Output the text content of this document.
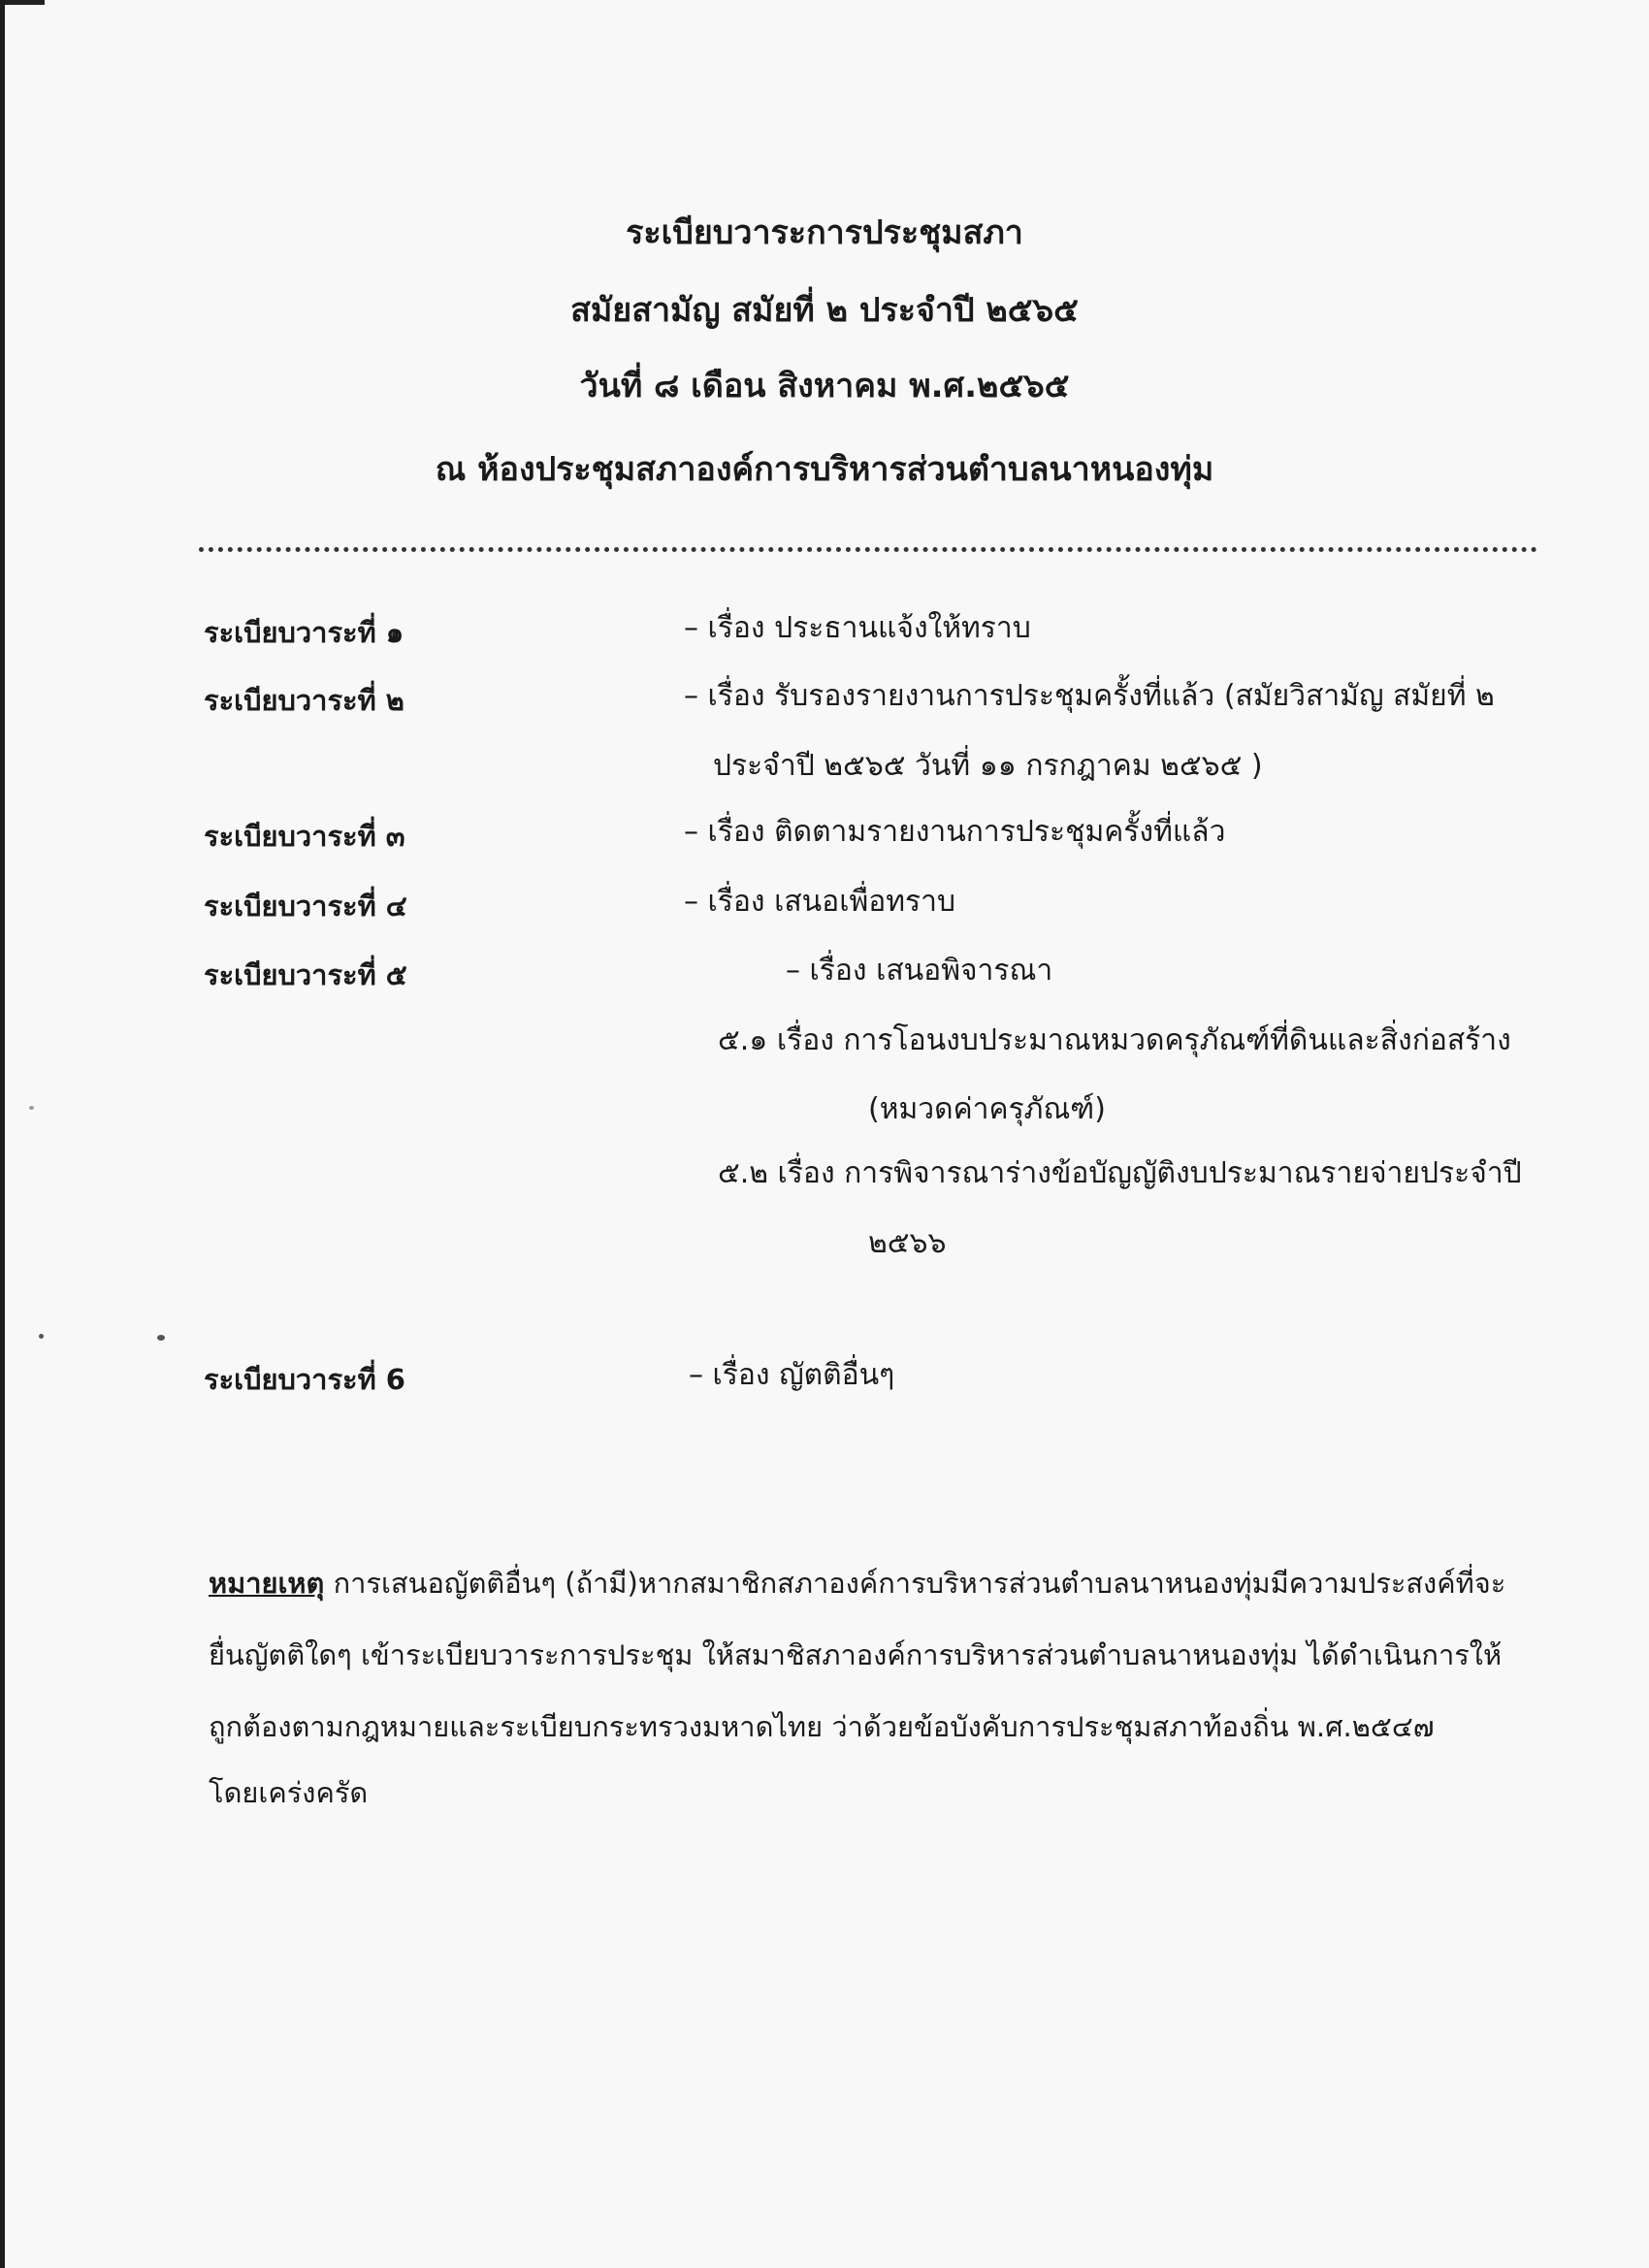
ระเบียบวาระการประชุมสภา
สมัยสามัญ สมัยที่ ๒ ประจำปี ๒๕๖๕
วันที่ ๘ เดือน สิงหาคม พ.ศ.๒๕๖๕
ณ ห้องประชุมสภาองค์การบริหารส่วนตำบลนาหนองทุ่ม
ระเบียบวาระที่ ๑	– เรื่อง ประธานแจ้งให้ทราบ
ระเบียบวาระที่ ๒	– เรื่อง รับรองรายงานการประชุมครั้งที่แล้ว (สมัยวิสามัญ สมัยที่ ๒
ประจำปี ๒๕๖๕ วันที่ ๑๑ กรกฎาคม ๒๕๖๕ )
ระเบียบวาระที่ ๓	– เรื่อง ติดตามรายงานการประชุมครั้งที่แล้ว
ระเบียบวาระที่ ๔	– เรื่อง เสนอเพื่อทราบ
ระเบียบวาระที่ ๕	– เรื่อง เสนอพิจารณา
๕.๑ เรื่อง การโอนงบประมาณหมวดครุภัณฑ์ที่ดินและสิ่งก่อสร้าง
(หมวดค่าครุภัณฑ์)
๕.๒ เรื่อง การพิจารณาร่างข้อบัญญัติงบประมาณรายจ่ายประจำปี
๒๕๖๖
ระเบียบวาระที่ 6	– เรื่อง ญัตติอื่นๆ
หมายเหตุ การเสนอญัตติอื่นๆ (ถ้ามี)หากสมาชิกสภาองค์การบริหารส่วนตำบลนาหนองทุ่มมีความประสงค์ที่จะ
ยื่นญัตติใดๆ เข้าระเบียบวาระการประชุม ให้สมาชิสภาองค์การบริหารส่วนตำบลนาหนองทุ่ม ได้ดำเนินการให้
ถูกต้องตามกฎหมายและระเบียบกระทรวงมหาดไทย ว่าด้วยข้อบังคับการประชุมสภาท้องถิ่น พ.ศ.๒๕๔๗
โดยเคร่งครัด
